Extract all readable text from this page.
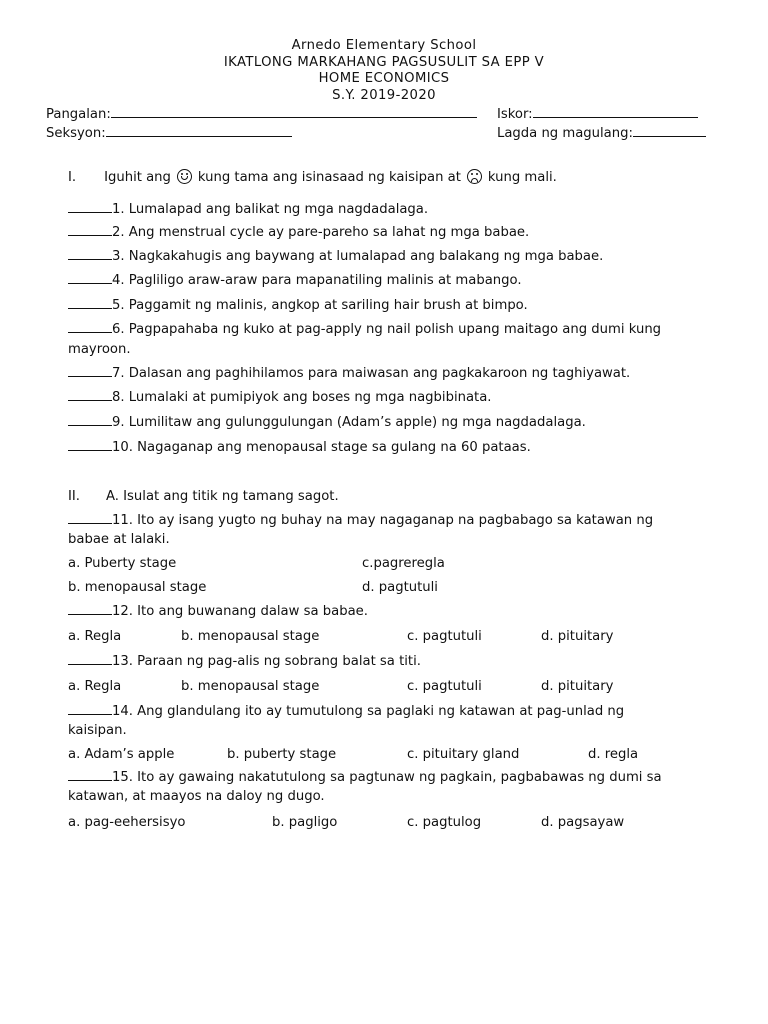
Arnedo Elementary School
IKATLONG MARKAHANG PAGSUSULIT SA EPP V
HOME ECONOMICS
S.Y. 2019-2020
Pangalan:	Iskor:
Seksyon:	Lagda ng magulang:
I. Iguhit ang kung tama ang isinasaad ng kaisipan at kung mali.
1. Lumalapad ang balikat ng mga nagdadalaga.
2. Ang menstrual cycle ay pare-pareho sa lahat ng mga babae.
3. Nagkakahugis ang baywang at lumalapad ang balakang ng mga babae.
4. Pagliligo araw-araw para mapanatiling malinis at mabango.
5. Paggamit ng malinis, angkop at sariling hair brush at bimpo.
6. Pagpapahaba ng kuko at pag-apply ng nail polish upang maitago ang dumi kung
mayroon.
7. Dalasan ang paghihilamos para maiwasan ang pagkakaroon ng taghiyawat.
8. Lumalaki at pumipiyok ang boses ng mga nagbibinata.
9. Lumilitaw ang gulunggulungan (Adam’s apple) ng mga nagdadalaga.
10. Nagaganap ang menopausal stage sa gulang na 60 pataas.
II. A. Isulat ang titik ng tamang sagot.
11. Ito ay isang yugto ng buhay na may nagaganap na pagbabago sa katawan ng
babae at lalaki.
a. Puberty stage	c.pagreregla
b. menopausal stage	d. pagtutuli
12. Ito ang buwanang dalaw sa babae.
a. Regla	b. menopausal stage	c. pagtutuli	d. pituitary
13. Paraan ng pag-alis ng sobrang balat sa titi.
a. Regla	b. menopausal stage	c. pagtutuli	d. pituitary
14. Ang glandulang ito ay tumutulong sa paglaki ng katawan at pag-unlad ng
kaisipan.
a. Adam’s apple	b. puberty stage	c. pituitary gland	d. regla
15. Ito ay gawaing nakatutulong sa pagtunaw ng pagkain, pagbabawas ng dumi sa
katawan, at maayos na daloy ng dugo.
a. pag-eehersisyo	b. pagligo	c. pagtulog	d. pagsayaw
